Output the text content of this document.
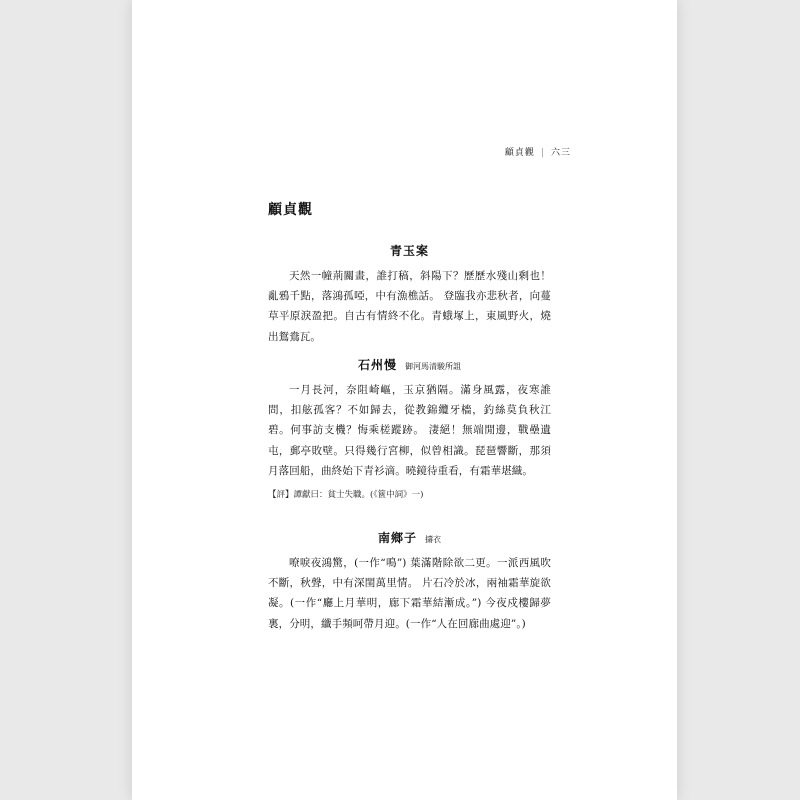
顧貞觀 | 六三
顧貞觀
青玉案
天然一幢荊關畫，誰打稿，斜陽下？歷歷水殘山剩也！亂鴉千點，落鴻孤啞，中有漁樵話。 登臨我亦悲秋者，向蔓草平原淚盈把。自古有情終不化。青蛾塚上，東風野火，燒出鴛鴦瓦。
石州慢 御河馬清駿所詛
一月長河，奈阻崎嶇，玉京猶隔。滿身風露，夜寒誰問，扣舷孤客？不如歸去，從教錦纜牙檣，釣絲莫負秋江碧。何事訪支機？悔乘槎蹤跡。 淒絕！無端閒邊，戰壘遺屯，郵亭敗壁。只得幾行宮柳，似曾相識。琵琶響斷，那須月落回船，曲終始下青衫滴。曉鏡待重看，有霜華堪織。
【評】譚獻曰：貧士失職。(《篋中詞》一)
南鄉子 擣衣
嘹唳夜鴻驚，(一作“鳴”) 葉滿階除欲二更。一派西風吹不斷，秋聲，中有深閨萬里情。 片石冷於冰，兩袖霜華旋欲凝。(一作“廳上月華明，廊下霜華結漸成。”) 今夜戍樓歸夢裏，分明，纖手頻呵帶月迎。(一作“人在回廊曲處迎”。)
